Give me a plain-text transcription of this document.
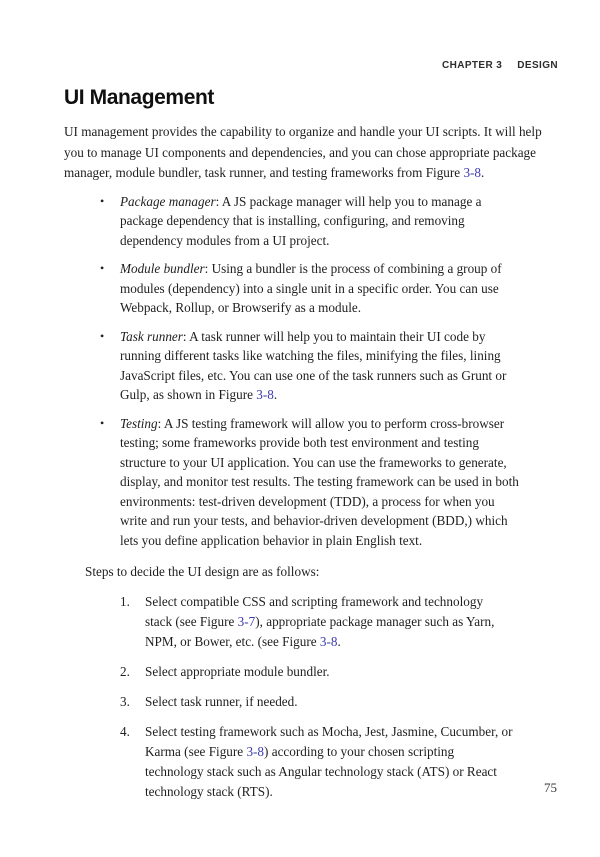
CHAPTER 3 DESIGN
UI Management

UI management provides the capability to organize and handle your UI scripts. It will help you to manage UI components and dependencies, and you can chose appropriate package manager, module bundler, task runner, and testing frameworks from Figure 3-8.

•	Package manager: A JS package manager will help you to manage a package dependency that is installing, configuring, and removing dependency modules from a UI project.
•	Module bundler: Using a bundler is the process of combining a group of modules (dependency) into a single unit in a specific order. You can use Webpack, Rollup, or Browserify as a module.
•	Task runner: A task runner will help you to maintain their UI code by running different tasks like watching the files, minifying the files, lining JavaScript files, etc. You can use one of the task runners such as Grunt or Gulp, as shown in Figure 3-8.
•	Testing: A JS testing framework will allow you to perform cross-browser testing; some frameworks provide both test environment and testing structure to your UI application. You can use the frameworks to generate, display, and monitor test results. The testing framework can be used in both environments: test-driven development (TDD), a process for when you write and run your tests, and behavior-driven development (BDD,) which lets you define application behavior in plain English text.

Steps to decide the UI design are as follows:

1.	Select compatible CSS and scripting framework and technology stack (see Figure 3-7), appropriate package manager such as Yarn, NPM, or Bower, etc. (see Figure 3-8.
2.	Select appropriate module bundler.
3.	Select task runner, if needed.
4.	Select testing framework such as Mocha, Jest, Jasmine, Cucumber, or Karma (see Figure 3-8) according to your chosen scripting technology stack such as Angular technology stack (ATS) or React technology stack (RTS).	75
